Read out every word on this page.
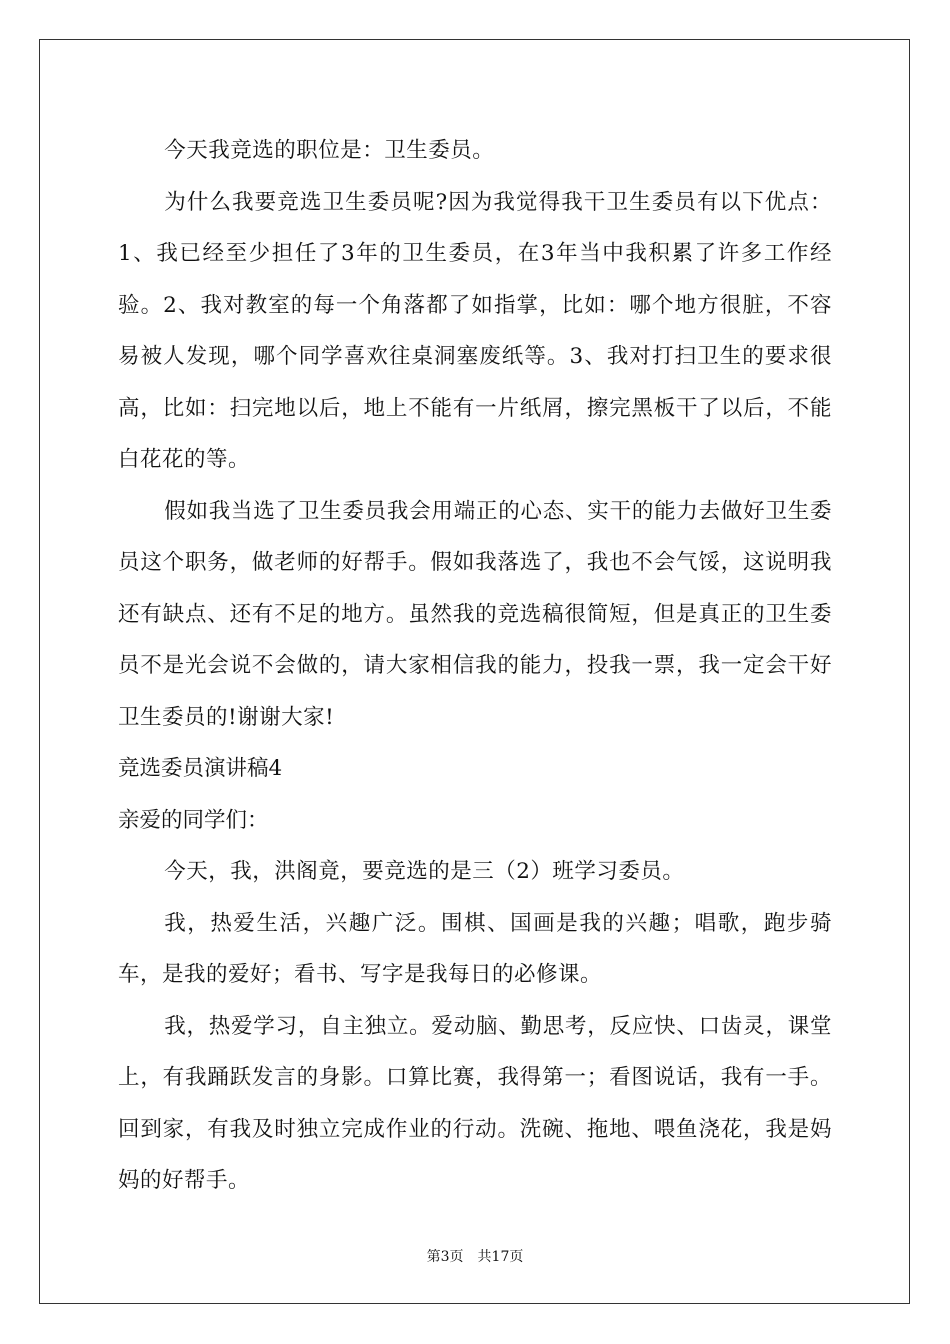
今天我竞选的职位是：卫生委员。

为什么我要竞选卫生委员呢?因为我觉得我干卫生委员有以下优点：1、我已经至少担任了3年的卫生委员，在3年当中我积累了许多工作经验。2、我对教室的每一个角落都了如指掌，比如：哪个地方很脏，不容易被人发现，哪个同学喜欢往桌洞塞废纸等。3、我对打扫卫生的要求很高，比如：扫完地以后，地上不能有一片纸屑，擦完黑板干了以后，不能白花花的等。

假如我当选了卫生委员我会用端正的心态、实干的能力去做好卫生委员这个职务，做老师的好帮手。假如我落选了，我也不会气馁，这说明我还有缺点、还有不足的地方。虽然我的竞选稿很简短，但是真正的卫生委员不是光会说不会做的，请大家相信我的能力，投我一票，我一定会干好卫生委员的!谢谢大家!

竞选委员演讲稿4

亲爱的同学们：

今天，我，洪阁竟，要竞选的是三（2）班学习委员。

我，热爱生活，兴趣广泛。围棋、国画是我的兴趣；唱歌，跑步骑车，是我的爱好；看书、写字是我每日的必修课。

我，热爱学习，自主独立。爱动脑、勤思考，反应快、口齿灵，课堂上，有我踊跃发言的身影。口算比赛，我得第一；看图说话，我有一手。回到家，有我及时独立完成作业的行动。洗碗、拖地、喂鱼浇花，我是妈妈的好帮手。

第3页　共17页
